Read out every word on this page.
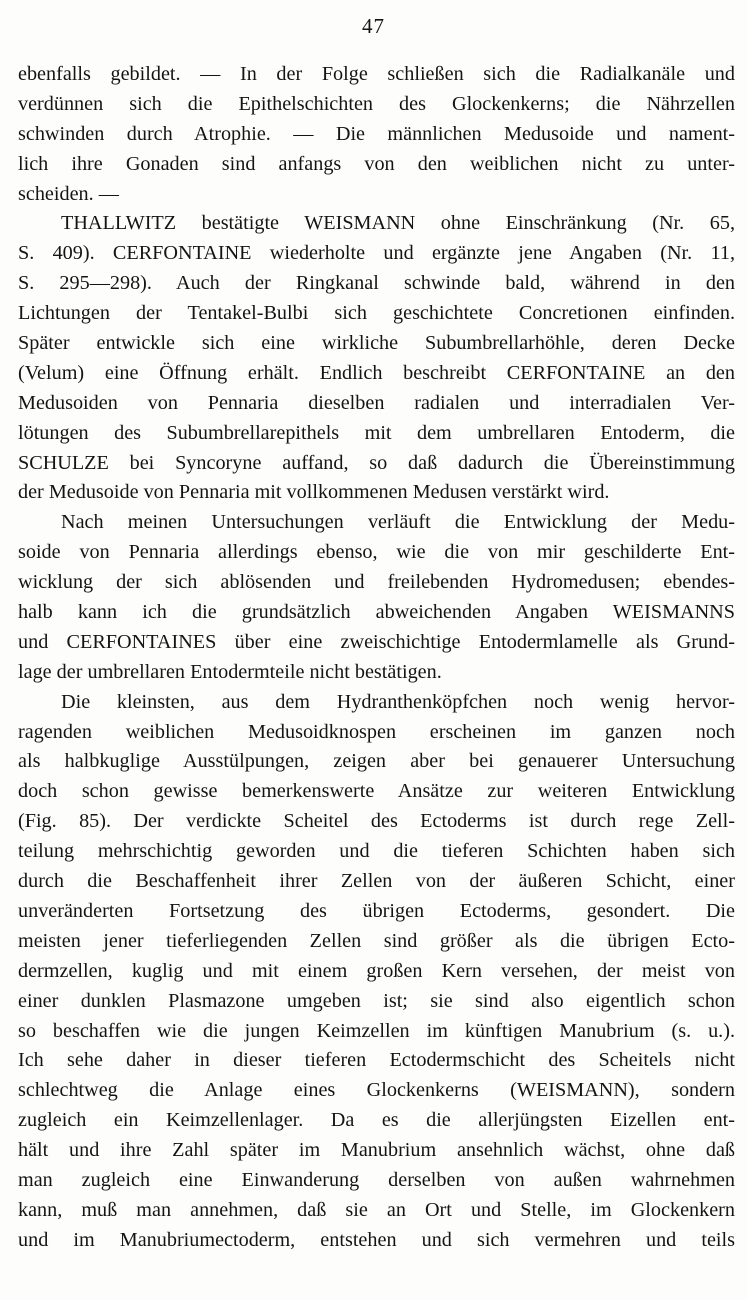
47
ebenfalls gebildet. — In der Folge schließen sich die Radialkanäle und
verdünnen sich die Epithelschichten des Glockenkerns; die Nährzellen
schwinden durch Atrophie. — Die männlichen Medusoide und nament-
lich ihre Gonaden sind anfangs von den weiblichen nicht zu unter-
scheiden. —
THALLWITZ bestätigte WEISMANN ohne Einschränkung (Nr. 65,
S. 409). CERFONTAINE wiederholte und ergänzte jene Angaben (Nr. 11,
S. 295—298). Auch der Ringkanal schwinde bald, während in den
Lichtungen der Tentakel-Bulbi sich geschichtete Concretionen einfinden.
Später entwickle sich eine wirkliche Subumbrellarhöhle, deren Decke
(Velum) eine Öffnung erhält. Endlich beschreibt CERFONTAINE an den
Medusoiden von Pennaria dieselben radialen und interradialen Ver-
lötungen des Subumbrellarepithels mit dem umbrellaren Entoderm, die
SCHULZE bei Syncoryne auffand, so daß dadurch die Übereinstimmung
der Medusoide von Pennaria mit vollkommenen Medusen verstärkt wird.
Nach meinen Untersuchungen verläuft die Entwicklung der Medu-
soide von Pennaria allerdings ebenso, wie die von mir geschilderte Ent-
wicklung der sich ablösenden und freilebenden Hydromedusen; ebendes-
halb kann ich die grundsätzlich abweichenden Angaben WEISMANNS
und CERFONTAINES über eine zweischichtige Entodermlamelle als Grund-
lage der umbrellaren Entodermteile nicht bestätigen.
Die kleinsten, aus dem Hydranthenköpfchen noch wenig hervor-
ragenden weiblichen Medusoidknospen erscheinen im ganzen noch
als halbkuglige Ausstülpungen, zeigen aber bei genauerer Untersuchung
doch schon gewisse bemerkenswerte Ansätze zur weiteren Entwicklung
(Fig. 85). Der verdickte Scheitel des Ectoderms ist durch rege Zell-
teilung mehrschichtig geworden und die tieferen Schichten haben sich
durch die Beschaffenheit ihrer Zellen von der äußeren Schicht, einer
unveränderten Fortsetzung des übrigen Ectoderms, gesondert. Die
meisten jener tieferliegenden Zellen sind größer als die übrigen Ecto-
dermzellen, kuglig und mit einem großen Kern versehen, der meist von
einer dunklen Plasmazone umgeben ist; sie sind also eigentlich schon
so beschaffen wie die jungen Keimzellen im künftigen Manubrium (s. u.).
Ich sehe daher in dieser tieferen Ectodermschicht des Scheitels nicht
schlechtweg die Anlage eines Glockenkerns (WEISMANN), sondern
zugleich ein Keimzellenlager. Da es die allerjüngsten Eizellen ent-
hält und ihre Zahl später im Manubrium ansehnlich wächst, ohne daß
man zugleich eine Einwanderung derselben von außen wahrnehmen
kann, muß man annehmen, daß sie an Ort und Stelle, im Glockenkern
und im Manubriumectoderm, entstehen und sich vermehren und teils
